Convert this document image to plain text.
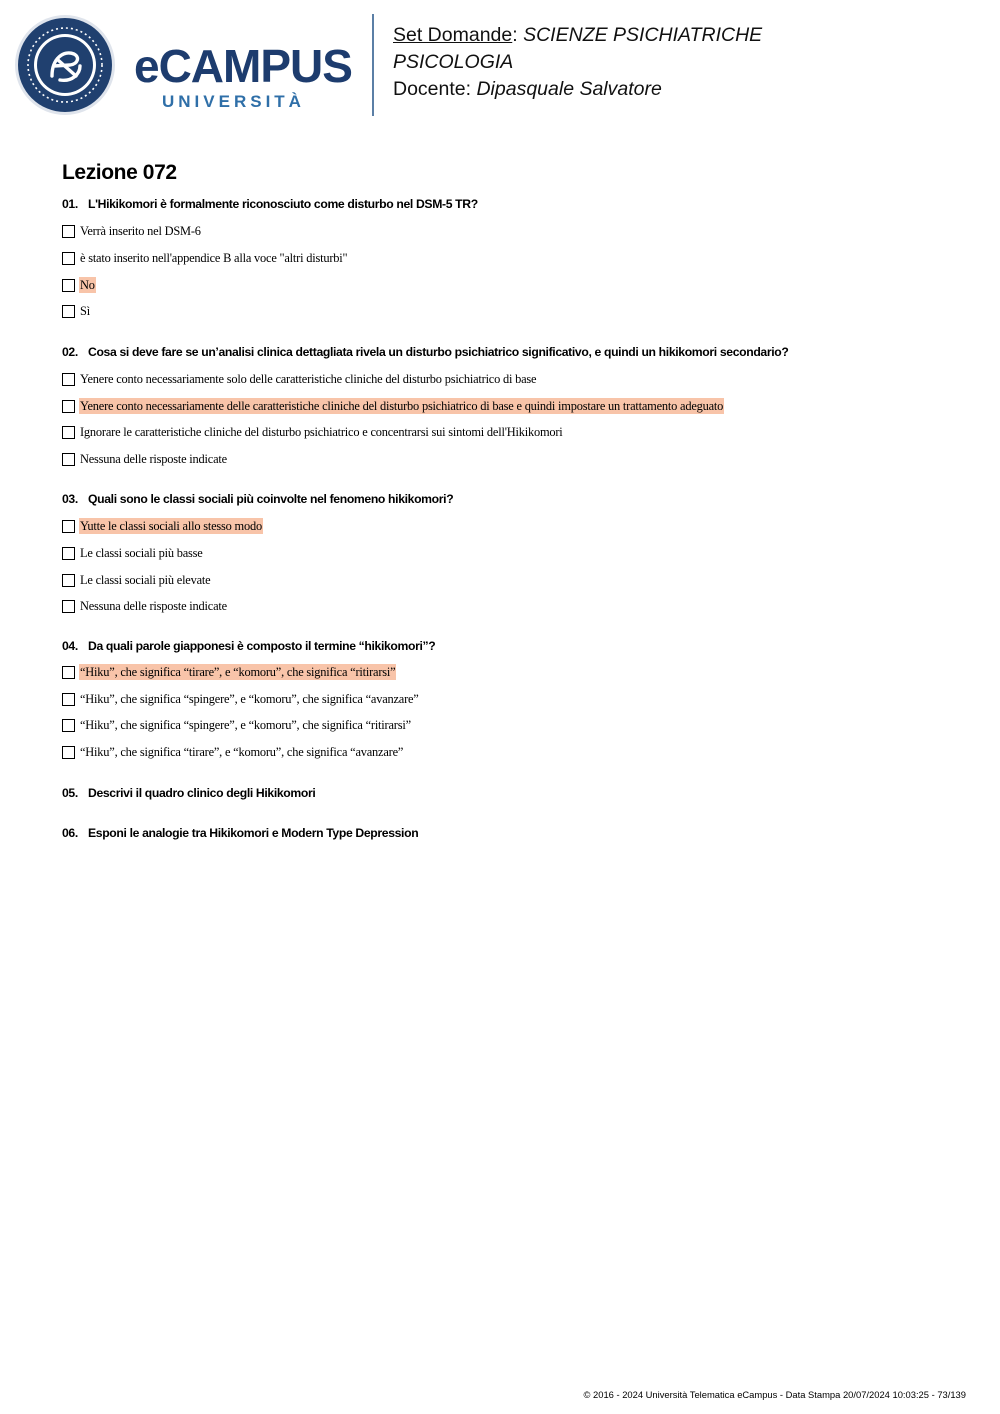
eCAMPUS
UNIVERSITÀ
Set Domande: SCIENZE PSICHIATRICHE
PSICOLOGIA
Docente: Dipasquale Salvatore
Lezione 072
01. L'Hikikomori è formalmente riconosciuto come disturbo nel DSM-5 TR?
Verrà inserito nel DSM-6
è stato inserito nell'appendice B alla voce "altri disturbi"
No
Sì
02. Cosa si deve fare se un’analisi clinica dettagliata rivela un disturbo psichiatrico significativo, e quindi un hikikomori secondario?
Yenere conto necessariamente solo delle caratteristiche cliniche del disturbo psichiatrico di base
Yenere conto necessariamente delle caratteristiche cliniche del disturbo psichiatrico di base e quindi impostare un trattamento adeguato
Ignorare le caratteristiche cliniche del disturbo psichiatrico e concentrarsi sui sintomi dell'Hikikomori
Nessuna delle risposte indicate
03. Quali sono le classi sociali più coinvolte nel fenomeno hikikomori?
Yutte le classi sociali allo stesso modo
Le classi sociali più basse
Le classi sociali più elevate
Nessuna delle risposte indicate
04. Da quali parole giapponesi è composto il termine “hikikomori”?
“Hiku”, che significa “tirare”, e “komoru”, che significa “ritirarsi”
“Hiku”, che significa “spingere”, e “komoru”, che significa “avanzare”
“Hiku”, che significa “spingere”, e “komoru”, che significa “ritirarsi”
“Hiku”, che significa “tirare”, e “komoru”, che significa “avanzare”
05. Descrivi il quadro clinico degli Hikikomori
06. Esponi le analogie tra Hikikomori e Modern Type Depression
© 2016 - 2024 Università Telematica eCampus - Data Stampa 20/07/2024 10:03:25 - 73/139
